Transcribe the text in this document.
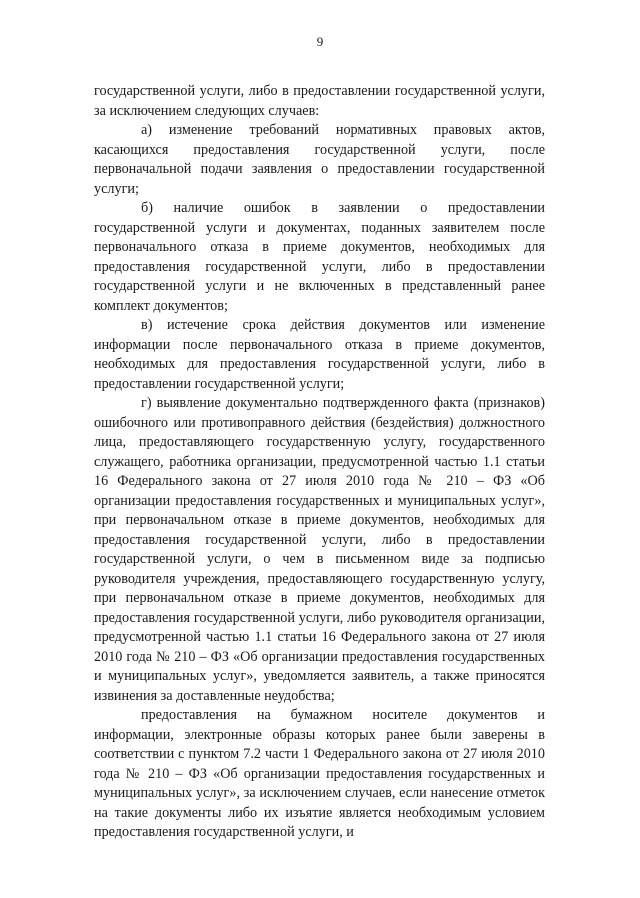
9

государственной услуги, либо в предоставлении государственной услуги, за исключением следующих случаев:

а) изменение требований нормативных правовых актов, касающихся предоставления государственной услуги, после первоначальной подачи заявления о предоставлении государственной услуги;

б) наличие ошибок в заявлении о предоставлении государственной услуги и документах, поданных заявителем после первоначального отказа в приеме документов, необходимых для предоставления государственной услуги, либо в предоставлении государственной услуги и не включенных в представленный ранее комплект документов;

в) истечение срока действия документов или изменение информации после первоначального отказа в приеме документов, необходимых для предоставления государственной услуги, либо в предоставлении государственной услуги;

г) выявление документально подтвержденного факта (признаков) ошибочного или противоправного действия (бездействия) должностного лица, предоставляющего государственную услугу, государственного служащего, работника организации, предусмотренной частью 1.1 статьи 16 Федерального закона от 27 июля 2010 года № 210 – ФЗ «Об организации предоставления государственных и муниципальных услуг», при первоначальном отказе в приеме документов, необходимых для предоставления государственной услуги, либо в предоставлении государственной услуги, о чем в письменном виде за подписью руководителя учреждения, предоставляющего государственную услугу, при первоначальном отказе в приеме документов, необходимых для предоставления государственной услуги, либо руководителя организации, предусмотренной частью 1.1 статьи 16 Федерального закона от 27 июля 2010 года № 210 – ФЗ «Об организации предоставления государственных и муниципальных услуг», уведомляется заявитель, а также приносятся извинения за доставленные неудобства;

предоставления на бумажном носителе документов и информации, электронные образы которых ранее были заверены в соответствии с пунктом 7.2 части 1 Федерального закона от 27 июля 2010 года № 210 – ФЗ «Об организации предоставления государственных и муниципальных услуг», за исключением случаев, если нанесение отметок на такие документы либо их изъятие является необходимым условием предоставления государственной услуги, и
